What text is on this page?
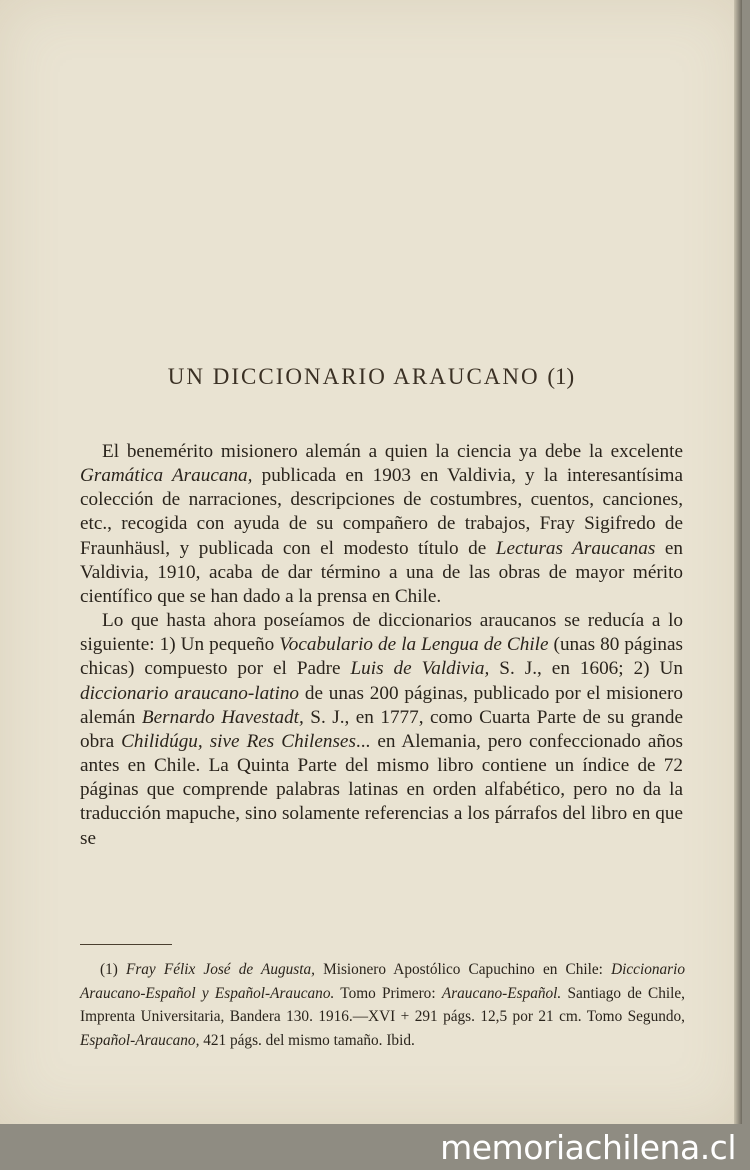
UN DICCIONARIO ARAUCANO (1)

El benemérito misionero alemán a quien la ciencia ya debe la excelente Gramática Araucana, publicada en 1903 en Valdivia, y la interesantísima colección de narraciones, descripciones de costumbres, cuentos, canciones, etc., recogida con ayuda de su compañero de trabajos, Fray Sigifredo de Fraunhäusl, y publicada con el modesto título de Lecturas Araucanas en Valdivia, 1910, acaba de dar término a una de las obras de mayor mérito científico que se han dado a la prensa en Chile.

Lo que hasta ahora poseíamos de diccionarios araucanos se reducía a lo siguiente: 1) Un pequeño Vocabulario de la Lengua de Chile (unas 80 páginas chicas) compuesto por el Padre Luis de Valdivia, S. J., en 1606; 2) Un diccionario araucano-latino de unas 200 páginas, publicado por el misionero alemán Bernardo Havestadt, S. J., en 1777, como Cuarta Parte de su grande obra Chilidúgu, sive Res Chilenses... en Alemania, pero confeccionado años antes en Chile. La Quinta Parte del mismo libro contiene un índice de 72 páginas que comprende palabras latinas en orden alfabético, pero no da la traducción mapuche, sino solamente referencias a los párrafos del libro en que se

(1) Fray Félix José de Augusta, Misionero Apostólico Capuchino en Chile: Diccionario Araucano-Español y Español-Araucano. Tomo Primero: Araucano-Español. Santiago de Chile, Imprenta Universitaria, Bandera 130. 1916.—XVI + 291 págs. 12,5 por 21 cm. Tomo Segundo, Español-Araucano, 421 págs. del mismo tamaño. Ibid.

memoriachilena.cl
